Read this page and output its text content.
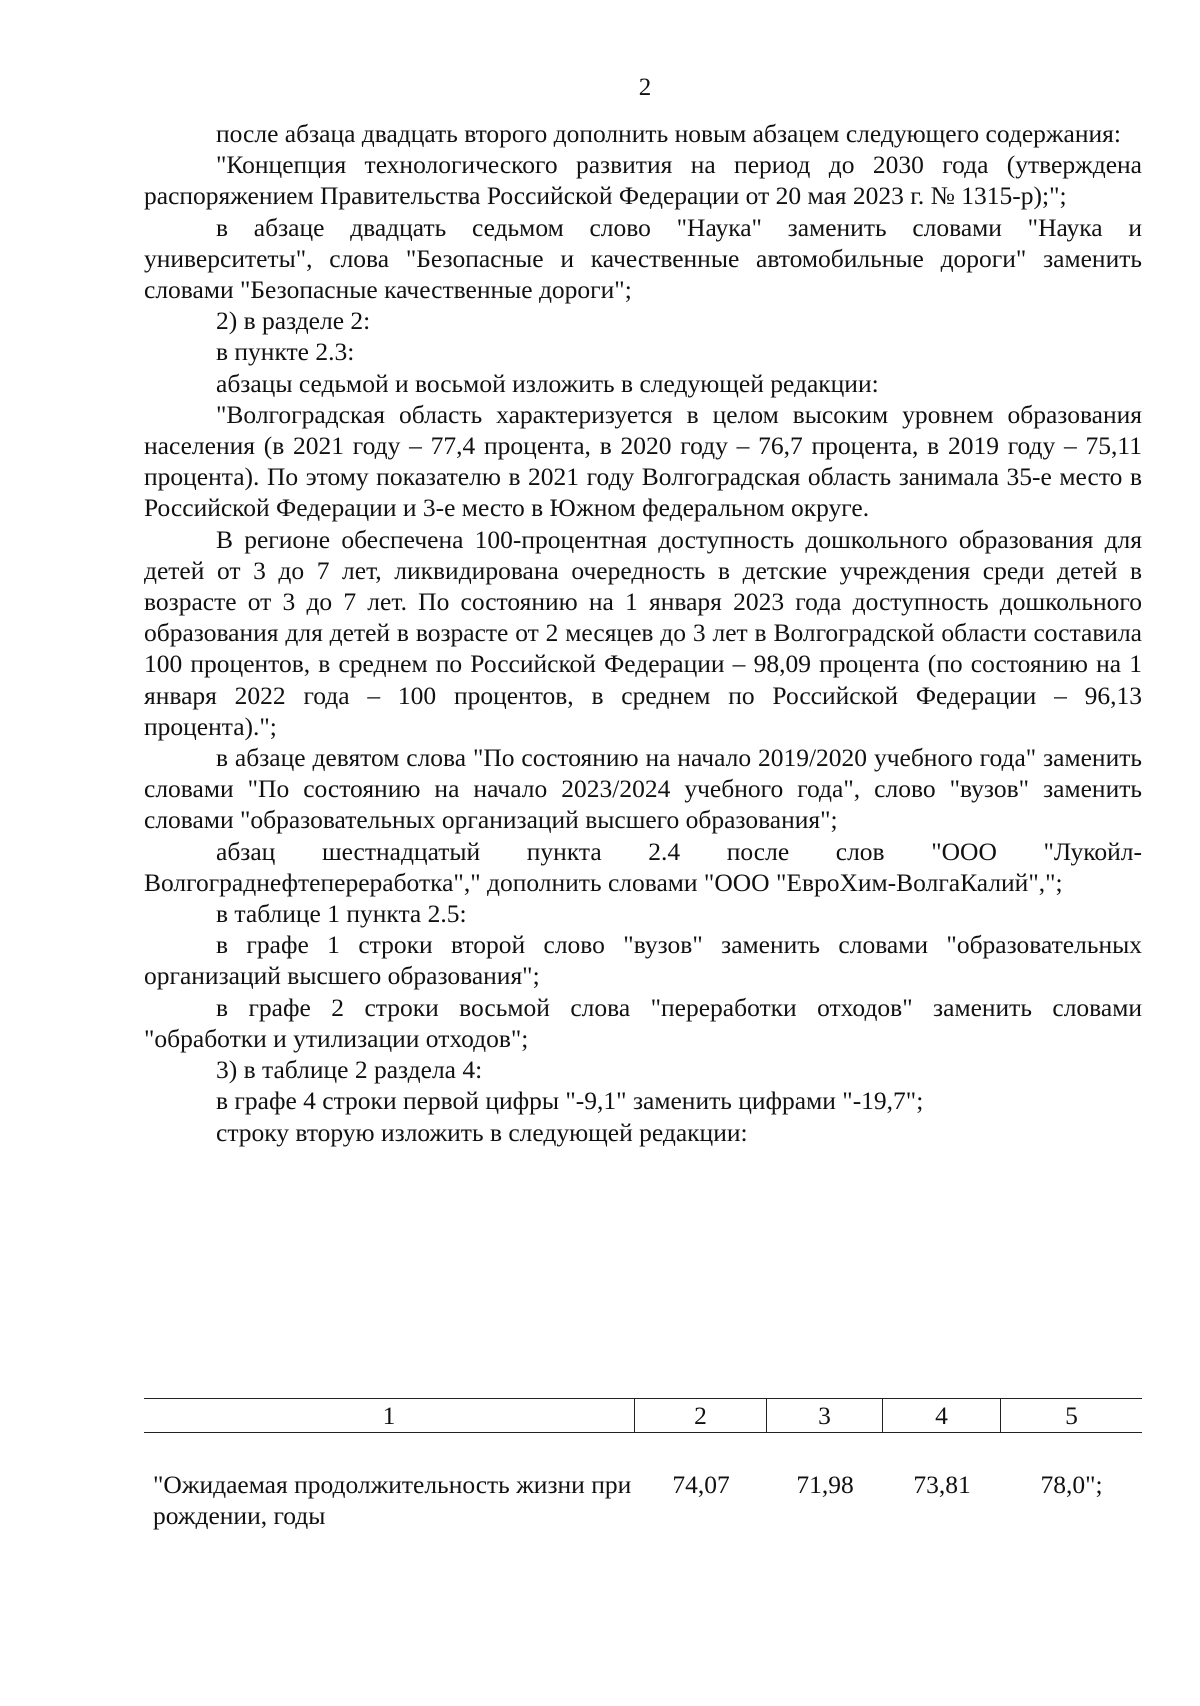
2

после абзаца двадцать второго дополнить новым абзацем следующего содержания:

"Концепция технологического развития на период до 2030 года (утверждена распоряжением Правительства Российской Федерации от 20 мая 2023 г. № 1315-р);";

в абзаце двадцать седьмом слово "Наука" заменить словами "Наука и университеты", слова "Безопасные и качественные автомобильные дороги" заменить словами "Безопасные качественные дороги";

2) в разделе 2:

в пункте 2.3:

абзацы седьмой и восьмой изложить в следующей редакции:

"Волгоградская область характеризуется в целом высоким уровнем образования населения (в 2021 году – 77,4 процента, в 2020 году – 76,7 процента, в 2019 году – 75,11 процента). По этому показателю в 2021 году Волгоградская область занимала 35-е место в Российской Федерации и 3-е место в Южном федеральном округе.

В регионе обеспечена 100-процентная доступность дошкольного образования для детей от 3 до 7 лет, ликвидирована очередность в детские учреждения среди детей в возрасте от 3 до 7 лет. По состоянию на 1 января 2023 года доступность дошкольного образования для детей в возрасте от 2 месяцев до 3 лет в Волгоградской области составила 100 процентов, в среднем по Российской Федерации – 98,09 процента (по состоянию на 1 января 2022 года – 100 процентов, в среднем по Российской Федерации – 96,13 процента).";

в абзаце девятом слова "По состоянию на начало 2019/2020 учебного года" заменить словами "По состоянию на начало 2023/2024 учебного года", слово "вузов" заменить словами "образовательных организаций высшего образования";

абзац шестнадцатый пункта 2.4 после слов "ООО "Лукойл-Волгограднефтепереработка"," дополнить словами "ООО "ЕвроХим-ВолгаКалий",";

в таблице 1 пункта 2.5:

в графе 1 строки второй слово "вузов" заменить словами "образовательных организаций высшего образования";

в графе 2 строки восьмой слова "переработки отходов" заменить словами "обработки и утилизации отходов";

3) в таблице 2 раздела 4:

в графе 4 строки первой цифры "-9,1" заменить цифрами "-19,7";

строку вторую изложить в следующей редакции:

1	2	3	4	5
"Ожидаемая продолжительность жизни при рождении, годы
74,07	71,98	73,81	78,0";
